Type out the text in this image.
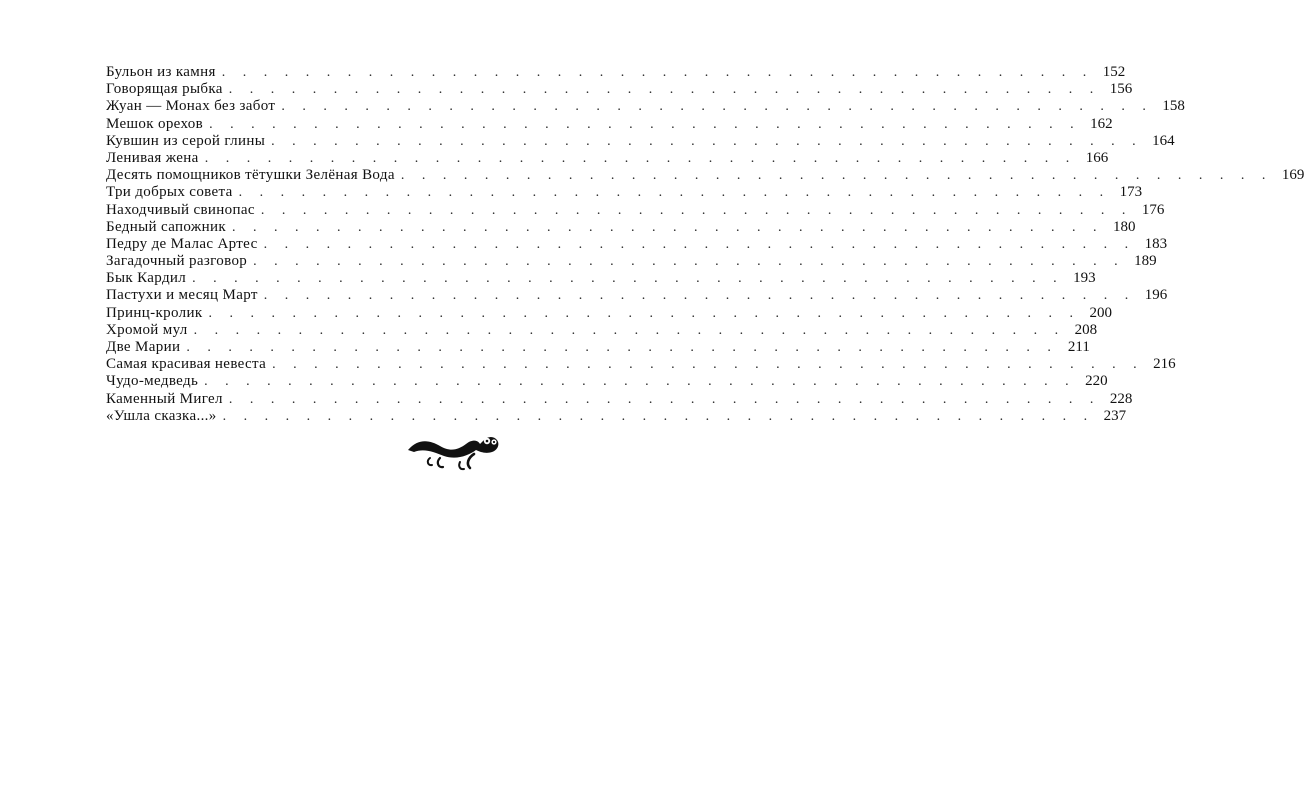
Бульон из камня . . . . . . . . . . . . . . . . . . . . . . . . . . . . . . . . . . . . . . . . . . 152
Говорящая рыбка . . . . . . . . . . . . . . . . . . . . . . . . . . . . . . . . . . . . . . . . . . 156
Жуан — Монах без забот . . . . . . . . . . . . . . . . . . . . . . . . . . . . . . . . . . . . . . . . . . 158
Мешок орехов . . . . . . . . . . . . . . . . . . . . . . . . . . . . . . . . . . . . . . . . . . 162
Кувшин из серой глины . . . . . . . . . . . . . . . . . . . . . . . . . . . . . . . . . . . . . . . . . . 164
Ленивая жена . . . . . . . . . . . . . . . . . . . . . . . . . . . . . . . . . . . . . . . . . . 166
Десять помощников тётушки Зелёная Вода . . . . . . . . . . . . . . . . . . . . . . . . . . . . . . . . . . . . . . . . . . 169
Три добрых совета . . . . . . . . . . . . . . . . . . . . . . . . . . . . . . . . . . . . . . . . . . 173
Находчивый свинопас . . . . . . . . . . . . . . . . . . . . . . . . . . . . . . . . . . . . . . . . . . 176
Бедный сапожник . . . . . . . . . . . . . . . . . . . . . . . . . . . . . . . . . . . . . . . . . . 180
Педру де Малас Артес . . . . . . . . . . . . . . . . . . . . . . . . . . . . . . . . . . . . . . . . . . 183
Загадочный разговор . . . . . . . . . . . . . . . . . . . . . . . . . . . . . . . . . . . . . . . . . . 189
Бык Кардил . . . . . . . . . . . . . . . . . . . . . . . . . . . . . . . . . . . . . . . . . . 193
Пастухи и месяц Март . . . . . . . . . . . . . . . . . . . . . . . . . . . . . . . . . . . . . . . . . . 196
Принц-кролик . . . . . . . . . . . . . . . . . . . . . . . . . . . . . . . . . . . . . . . . . . 200
Хромой мул . . . . . . . . . . . . . . . . . . . . . . . . . . . . . . . . . . . . . . . . . . 208
Две Марии . . . . . . . . . . . . . . . . . . . . . . . . . . . . . . . . . . . . . . . . . . 211
Самая красивая невеста . . . . . . . . . . . . . . . . . . . . . . . . . . . . . . . . . . . . . . . . . . 216
Чудо-медведь . . . . . . . . . . . . . . . . . . . . . . . . . . . . . . . . . . . . . . . . . . 220
Каменный Мигел . . . . . . . . . . . . . . . . . . . . . . . . . . . . . . . . . . . . . . . . . . 228
«Ушла сказка...» . . . . . . . . . . . . . . . . . . . . . . . . . . . . . . . . . . . . . . . . . . 237
